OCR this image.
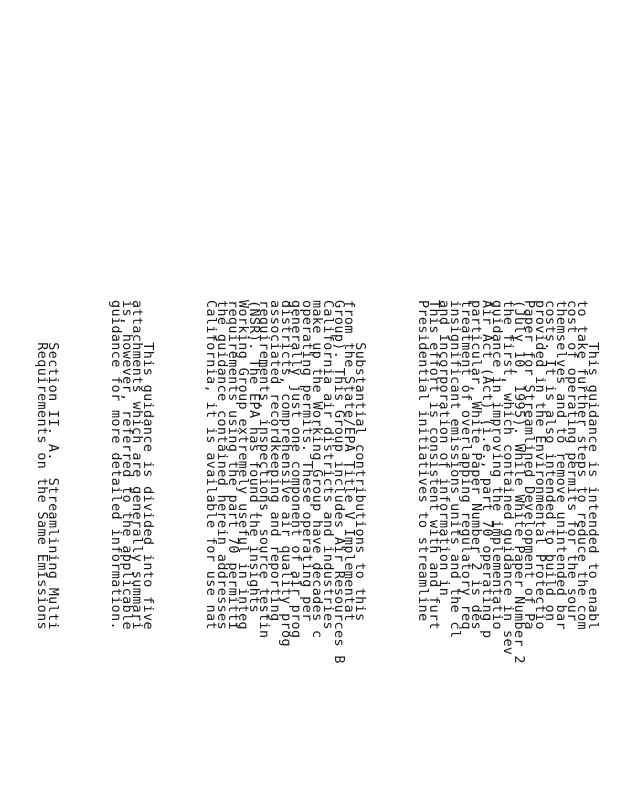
This guidance is intended to enabl
to take further steps to reduce the com
cost of operating permits for the sour
themselves and to remove unintended bar
costs. It is also intended to build on
provided in the Environmental Protectio
Paper for Streamlined Development of Pa
(July 10, 1995). While White Paper Number 2
the first, which contained guidance in sev
guidance in improving the implementatio
Air Act (Act) (i.e., part 70 operating p
particular, White Paper Number 2 is des
treatment of overlapping regulatory req
insignificant emissions units and the cl
and incorporation of information in
This effort is consistent with and furt
Presidential initiatives to streamline

Substantial contributions to this
from the State/EPA Title V Implementat
Group). This Group includes Air Resources B
California air districts and industries
make up the Working Group have decades c
operating permits. These operating per
generally just one component of air prog
districts, comprehensive air quality prog
associated recordkeeping and reporting
requirements, inspections, source testin
(NSR). The EPA has found the insights
Working Group extremely useful in integ
requirements using the part 70 permitti
the guidance contained herein addresses
California, it is available for use nat

This guidance is divided into five
attachments which are generally summari
is, however, referred to the applicable
guidance for more detailed information.

Section II. A.  Streamlining Multi
Requirements on the Same Emissions
